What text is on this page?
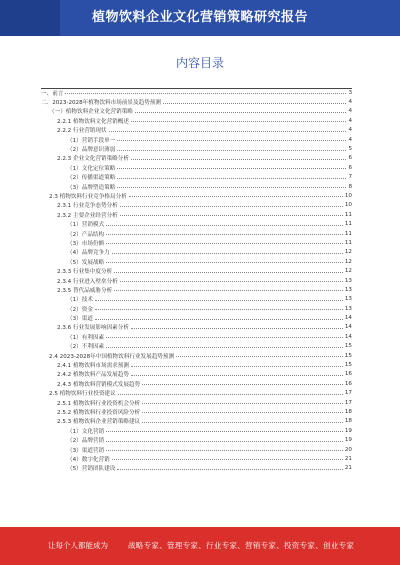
植物饮料企业文化营销策略研究报告
内容目录
一、前言	3
二、2023-2028年植物饮料市场前景及趋势预测	4
（一）植物饮料企业文化营销策略	4
2.2.1 植物饮料文化营销概述	4
2.2.2 行业营销现状	4
（1）营销手段单一	4
（2）品牌意识薄弱	5
2.2.3 企业文化营销策略分析	6
（1）文化定位策略	6
（2）传播渠道策略	7
（3）品牌塑造策略	8
2.3 植物饮料行业竞争格局分析	10
2.3.1 行业竞争态势分析	10
2.3.2 主要企业经营分析	11
（1）营销模式	11
（2）产品结构	11
（3）市场份额	11
（4）品牌竞争力	12
（5）发展战略	12
2.3.3 行业集中度分析	12
2.3.4 行业进入壁垒分析	13
2.3.5 替代品威胁分析	13
（1）技术	13
（2）资金	13
（3）渠道	14
2.3.6 行业发展影响因素分析	14
（1）有利因素	14
（2）不利因素	15
2.4 2023-2028年中国植物饮料行业发展趋势预测	15
2.4.1 植物饮料市场需求预测	15
2.4.2 植物饮料产品发展趋势	16
2.4.3 植物饮料营销模式发展趋势	16
2.5 植物饮料行业投资建议	17
2.5.1 植物饮料行业投资机会分析	17
2.5.2 植物饮料行业投资风险分析	18
2.5.3 植物饮料企业营销策略建议	18
（1）文化营销	19
（2）品牌营销	19
（3）渠道营销	20
（4）数字化营销	21
（5）营销团队建设	21
让每个人都能成为	战略专家、管理专家、行业专家、营销专家、投资专家、创业专家
